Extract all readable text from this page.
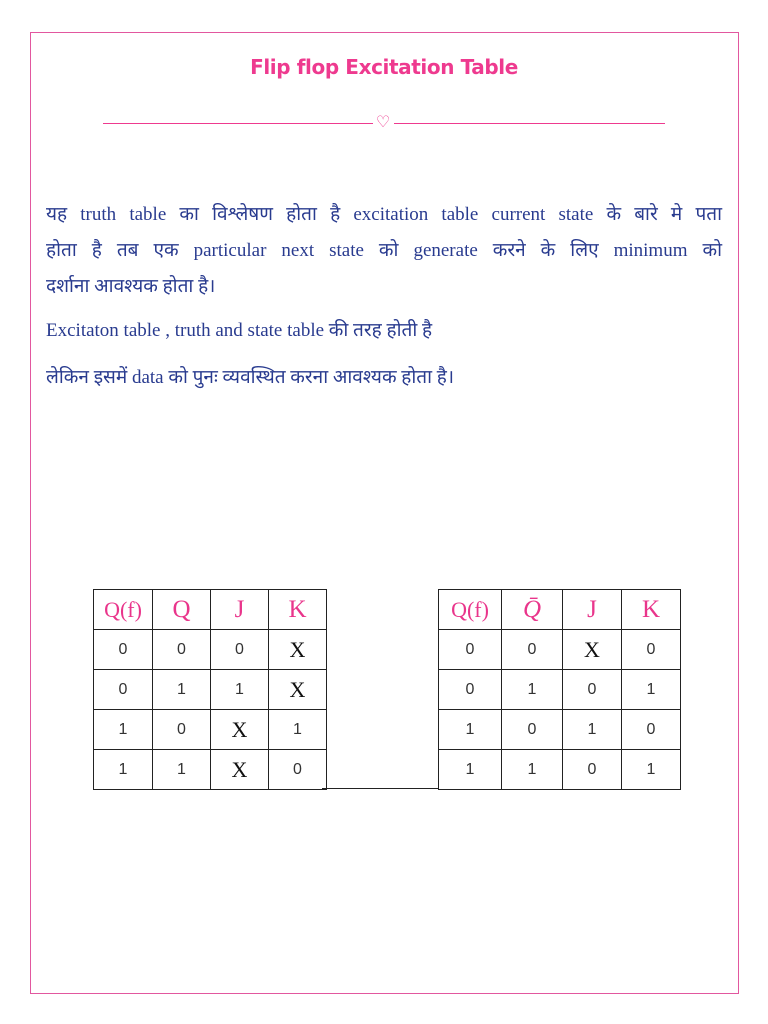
Flip flop Excitation Table
♡
यह truth table का विश्लेषण होता है excitation table current state के बारे मे पता
होता है तब एक particular next state को generate करने के लिए minimum को
दर्शाना आवश्यक होता है।
Excitaton table , truth and state table की तरह होती है
लेकिन इसमें data को पुनः व्यवस्थित करना आवश्यक होता है।
Q(f)	Q	J	K
0	0	0	X
0	1	1	X
1	0	X	1
1	1	X	0
Q(f)	Q̄	J	K
0	0	X	0
0	1	0	1
1	0	1	0
1	1	0	1
